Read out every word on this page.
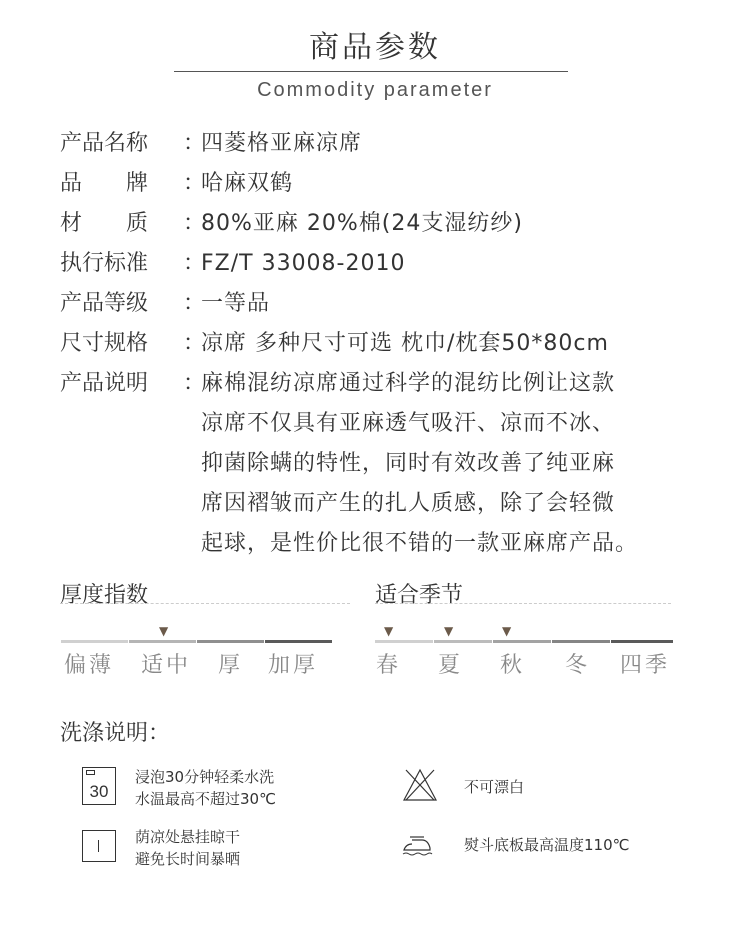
商品参数
Commodity parameter
产品名称	：
四菱格亚麻凉席
品　　牌	：
哈麻双鹤
材　　质	：
80%亚麻 20%棉(24支湿纺纱)
执行标准	：
FZ/T 33008-2010
产品等级	：
一等品
尺寸规格	：
凉席 多种尺寸可选 枕巾/枕套50*80cm
产品说明	：
麻棉混纺凉席通过科学的混纺比例让这款
凉席不仅具有亚麻透气吸汗、凉而不冰、
抑菌除螨的特性，同时有效改善了纯亚麻
席因褶皱而产生的扎人质感，除了会轻微
起球，是性价比很不错的一款亚麻席产品。
厚度指数
▼
偏薄 适中 厚 加厚
适合季节
▼	▼	▼
春 夏 秋 冬 四季
洗涤说明：
30
浸泡30分钟轻柔水洗
水温最高不超过30℃
不可漂白
荫凉处悬挂晾干
避免长时间暴晒
熨斗底板最高温度110℃
